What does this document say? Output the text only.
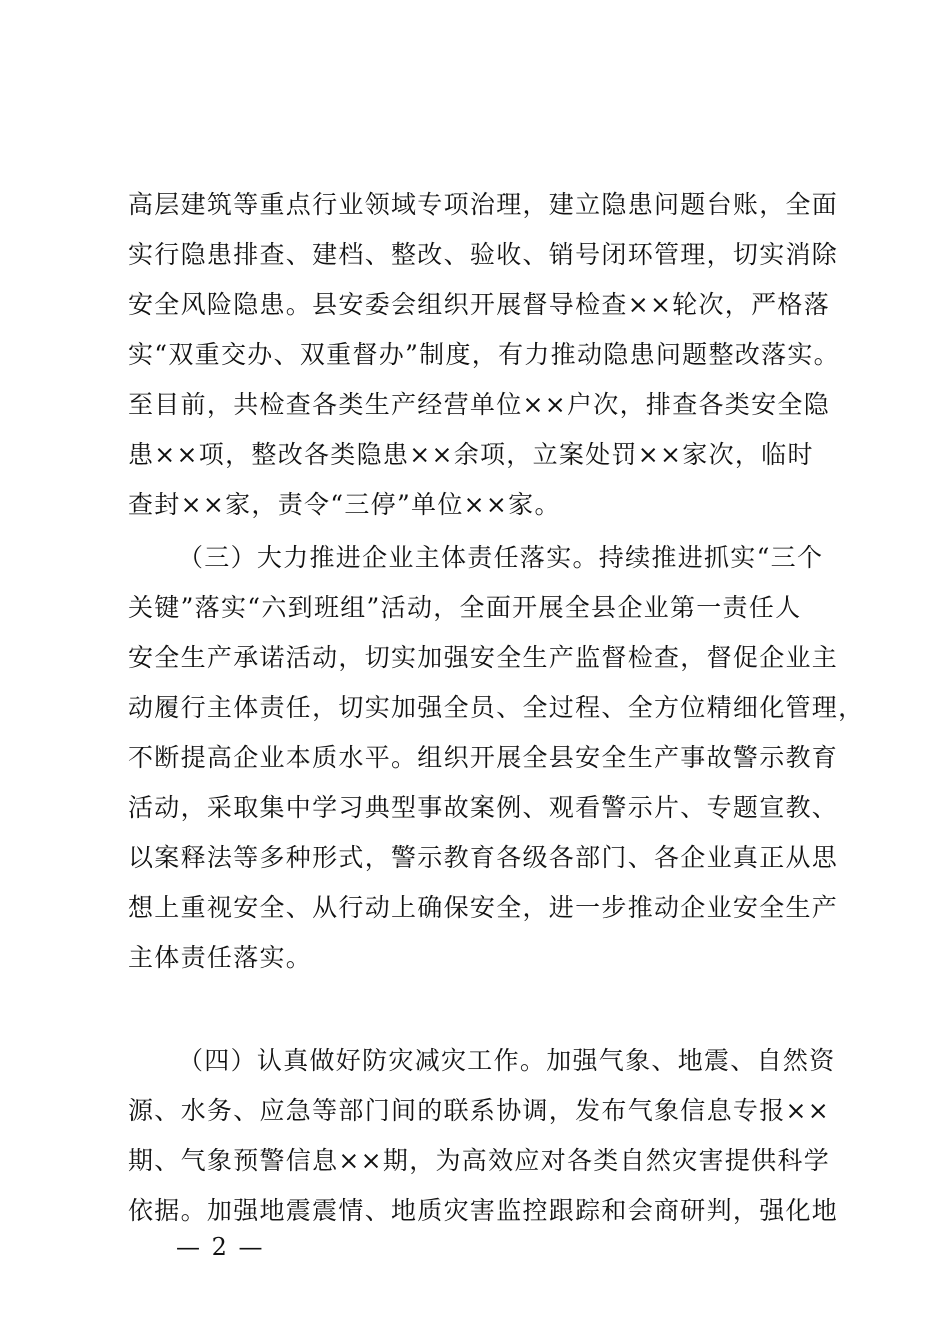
高层建筑等重点行业领域专项治理，建立隐患问题台账，全面
实行隐患排查、建档、整改、验收、销号闭环管理，切实消除
安全风险隐患。县安委会组织开展督导检查××轮次，严格落
实“双重交办、双重督办”制度，有力推动隐患问题整改落实。
至目前，共检查各类生产经营单位××户次，排查各类安全隐
患××项，整改各类隐患××余项，立案处罚××家次，临时
查封××家，责令“三停”单位××家。
（三）大力推进企业主体责任落实。持续推进抓实“三个
关键”落实“六到班组”活动，全面开展全县企业第一责任人
安全生产承诺活动，切实加强安全生产监督检查，督促企业主
动履行主体责任，切实加强全员、全过程、全方位精细化管理，
不断提高企业本质水平。组织开展全县安全生产事故警示教育
活动，采取集中学习典型事故案例、观看警示片、专题宣教、
以案释法等多种形式，警示教育各级各部门、各企业真正从思
想上重视安全、从行动上确保安全，进一步推动企业安全生产
主体责任落实。
（四）认真做好防灾减灾工作。加强气象、地震、自然资
源、水务、应急等部门间的联系协调，发布气象信息专报××
期、气象预警信息××期，为高效应对各类自然灾害提供科学
依据。加强地震震情、地质灾害监控跟踪和会商研判，强化地
— 2 —
